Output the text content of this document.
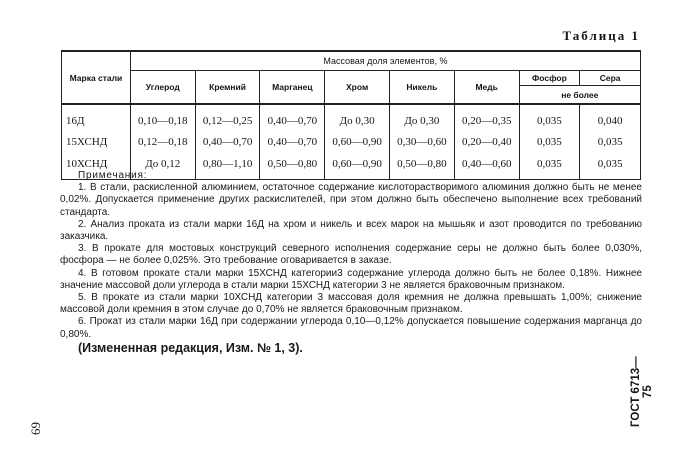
Таблица 1
Марка стали	Массовая доля элементов, %							
	Углерод	Кремний	Марганец	Хром	Никель	Медь	Фосфор	Сера
							не более	
16Д	0,10—0,18	0,12—0,25	0,40—0,70	До 0,30	До 0,30	0,20—0,35	0,035	0,040
15ХСНД	0,12—0,18	0,40—0,70	0,40—0,70	0,60—0,90	0,30—0,60	0,20—0,40	0,035	0,035
10ХСНД	До 0,12	0,80—1,10	0,50—0,80	0,60—0,90	0,50—0,80	0,40—0,60	0,035	0,035
Примечания:

1. В стали, раскисленной алюминием, остаточное содержание кислоторастворимого алюминия должно быть не менее 0,02%. Допускается применение других раскислителей, при этом должно быть обеспечено выполнение всех требований стандарта.

2. Анализ проката из стали марки 16Д на хром и никель и всех марок на мышьяк и азот проводится по требованию заказчика.

3. В прокате для мостовых конструкций северного исполнения содержание серы не должно быть более 0,030%, фосфора — не более 0,025%. Это требование оговаривается в заказе.

4. В готовом прокате стали марки 15ХСНД категории3 содержание углерода должно быть не более 0,18%. Нижнее значение массовой доли углерода в стали марки 15ХСНД категории 3 не является браковочным признаком.

5. В прокате из стали марки 10ХСНД категории 3 массовая доля кремния не должна превышать 1,00%; снижение массовой доли кремния в этом случае до 0,70% не является браковочным признаком.

6. Прокат из стали марки 16Д при содержании углерода 0,10—0,12% допускается повышение содержания марганца до 0,80%.

(Измененная редакция, Изм. № 1, 3).
ГОСТ 6713—75
69
